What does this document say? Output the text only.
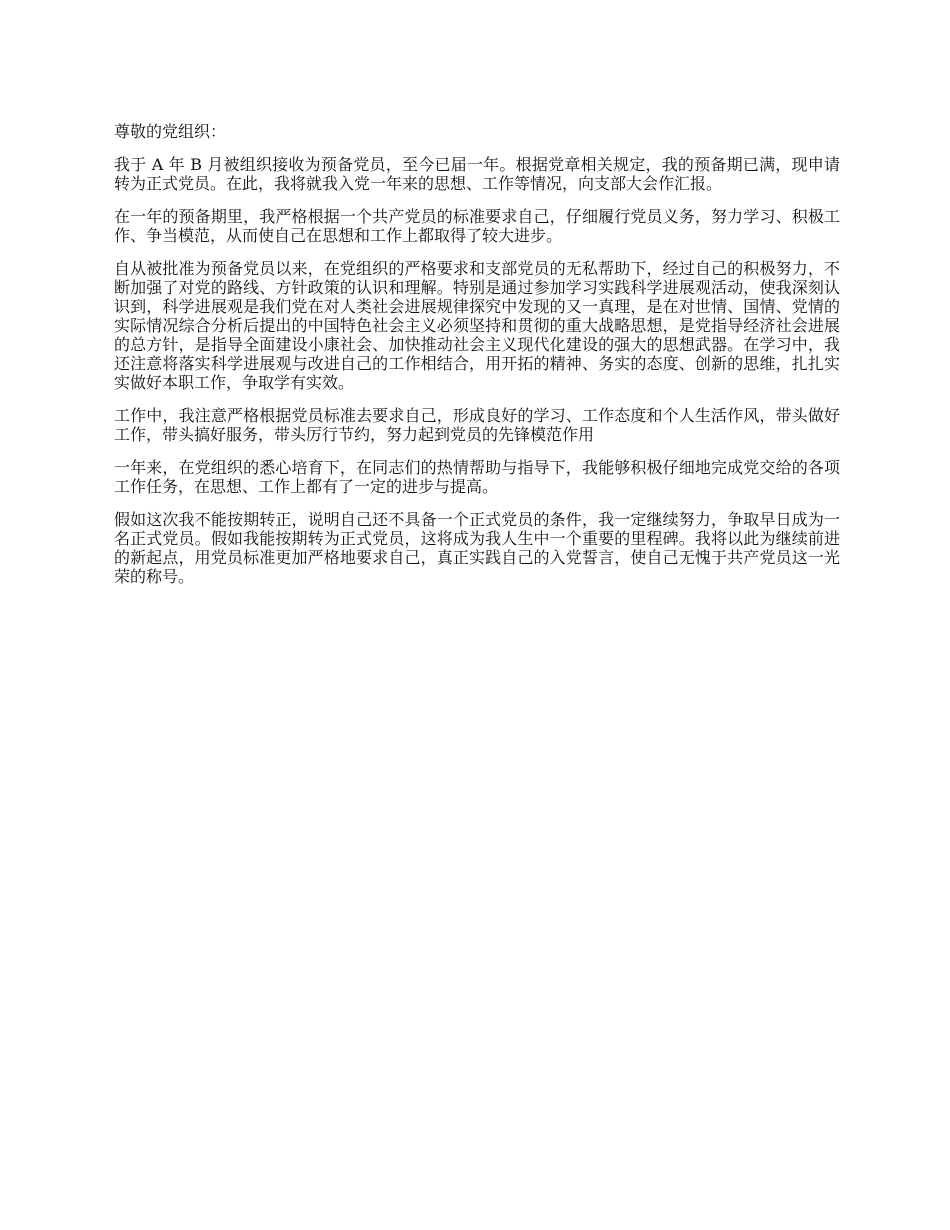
尊敬的党组织：

我于 A 年 B 月被组织接收为预备党员，至今已届一年。根据党章相关规定，我的预备期已满，现申请转为正式党员。在此，我将就我入党一年来的思想、工作等情况，向支部大会作汇报。

在一年的预备期里，我严格根据一个共产党员的标准要求自己，仔细履行党员义务，努力学习、积极工作、争当模范，从而使自己在思想和工作上都取得了较大进步。

自从被批准为预备党员以来，在党组织的严格要求和支部党员的无私帮助下，经过自己的积极努力，不断加强了对党的路线、方针政策的认识和理解。特别是通过参加学习实践科学进展观活动，使我深刻认识到，科学进展观是我们党在对人类社会进展规律探究中发现的又一真理，是在对世情、国情、党情的实际情况综合分析后提出的中国特色社会主义必须坚持和贯彻的重大战略思想，是党指导经济社会进展的总方针，是指导全面建设小康社会、加快推动社会主义现代化建设的强大的思想武器。在学习中，我还注意将落实科学进展观与改进自己的工作相结合，用开拓的精神、务实的态度、创新的思维，扎扎实实做好本职工作，争取学有实效。

工作中，我注意严格根据党员标准去要求自己，形成良好的学习、工作态度和个人生活作风，带头做好工作，带头搞好服务，带头厉行节约，努力起到党员的先锋模范作用

一年来，在党组织的悉心培育下，在同志们的热情帮助与指导下，我能够积极仔细地完成党交给的各项工作任务，在思想、工作上都有了一定的进步与提高。

假如这次我不能按期转正，说明自己还不具备一个正式党员的条件，我一定继续努力，争取早日成为一名正式党员。假如我能按期转为正式党员，这将成为我人生中一个重要的里程碑。我将以此为继续前进的新起点，用党员标准更加严格地要求自己，真正实践自己的入党誓言，使自己无愧于共产党员这一光荣的称号。
